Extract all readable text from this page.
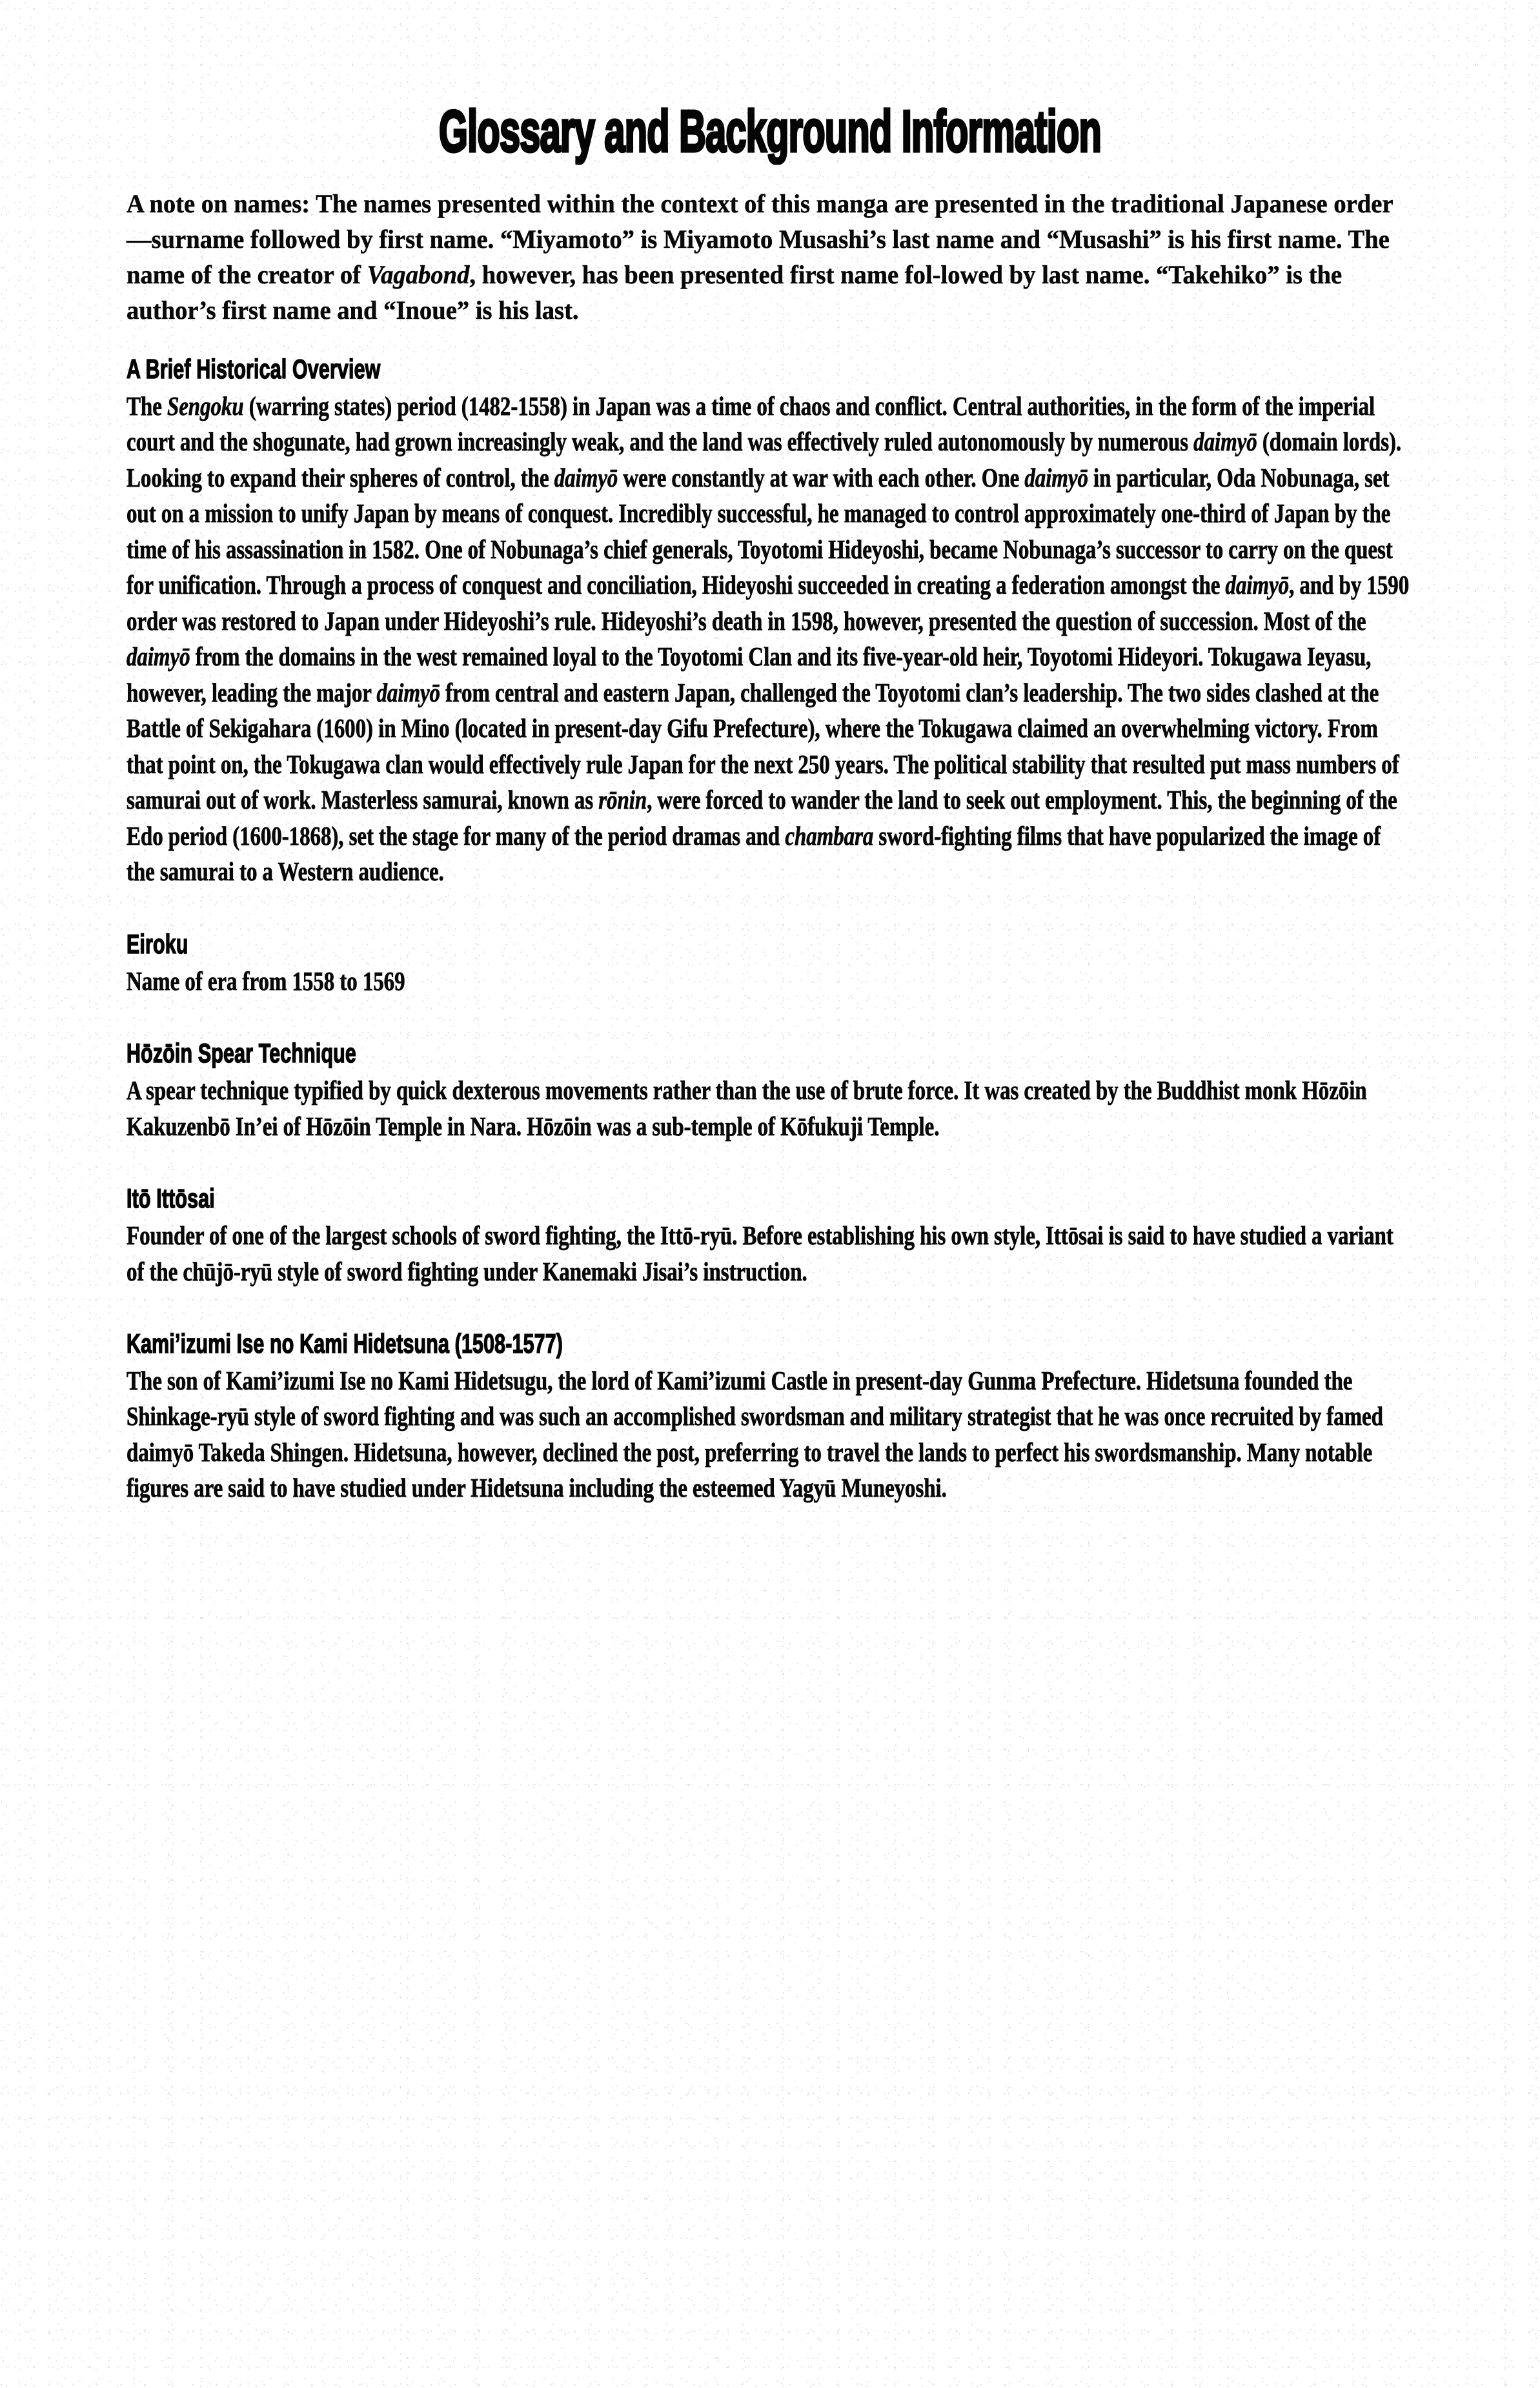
Glossary and Background Information

A note on names: The names presented within the context of this manga are presented in the traditional Japanese order—surname followed by first name. “Miyamoto” is Miyamoto Musashi’s last name and “Musashi” is his first name. The name of the creator of Vagabond, however, has been presented first name fol-lowed by last name. “Takehiko” is the author’s first name and “Inoue” is his last.

A Brief Historical Overview

The Sengoku (warring states) period (1482-1558) in Japan was a time of chaos and conflict. Central authorities, in the form of the imperial court and the shogunate, had grown increasingly weak, and the land was effectively ruled autonomously by numerous daimyō (domain lords). Looking to expand their spheres of control, the daimyō were constantly at war with each other. One daimyō in particular, Oda Nobunaga, set out on a mission to unify Japan by means of conquest. Incredibly successful, he managed to control approximately one-third of Japan by the time of his assassination in 1582. One of Nobunaga’s chief generals, Toyotomi Hideyoshi, became Nobunaga’s successor to carry on the quest for unification. Through a process of conquest and conciliation, Hideyoshi succeeded in creating a federation amongst the daimyō, and by 1590 order was restored to Japan under Hideyoshi’s rule. Hideyoshi’s death in 1598, however, presented the question of succession. Most of the daimyō from the domains in the west remained loyal to the Toyotomi Clan and its five-year-old heir, Toyotomi Hideyori. Tokugawa Ieyasu, however, leading the major daimyō from central and eastern Japan, challenged the Toyotomi clan’s leadership. The two sides clashed at the Battle of Sekigahara (1600) in Mino (located in present-day Gifu Prefecture), where the Tokugawa claimed an overwhelming victory. From that point on, the Tokugawa clan would effectively rule Japan for the next 250 years. The political stability that resulted put mass numbers of samurai out of work. Masterless samurai, known as rōnin, were forced to wander the land to seek out employment. This, the beginning of the Edo period (1600-1868), set the stage for many of the period dramas and chambara sword-fighting films that have popularized the image of the samurai to a Western audience.

Eiroku

Name of era from 1558 to 1569

Hōzōin Spear Technique

A spear technique typified by quick dexterous movements rather than the use of brute force. It was created by the Buddhist monk Hōzōin Kakuzenbō In’ei of Hōzōin Temple in Nara. Hōzōin was a sub-temple of Kōfukuji Temple.

Itō Ittōsai

Founder of one of the largest schools of sword fighting, the Ittō-ryū. Before establishing his own style, Ittōsai is said to have studied a variant of the chūjō-ryū style of sword fighting under Kanemaki Jisai’s instruction.

Kami’izumi Ise no Kami Hidetsuna (1508-1577)

The son of Kami’izumi Ise no Kami Hidetsugu, the lord of Kami’izumi Castle in present-day Gunma Prefecture. Hidetsuna founded the Shinkage-ryū style of sword fighting and was such an accomplished swordsman and military strategist that he was once recruited by famed daimyō Takeda Shingen. Hidetsuna, however, declined the post, preferring to travel the lands to perfect his swordsmanship. Many notable figures are said to have studied under Hidetsuna including the esteemed Yagyū Muneyoshi.
